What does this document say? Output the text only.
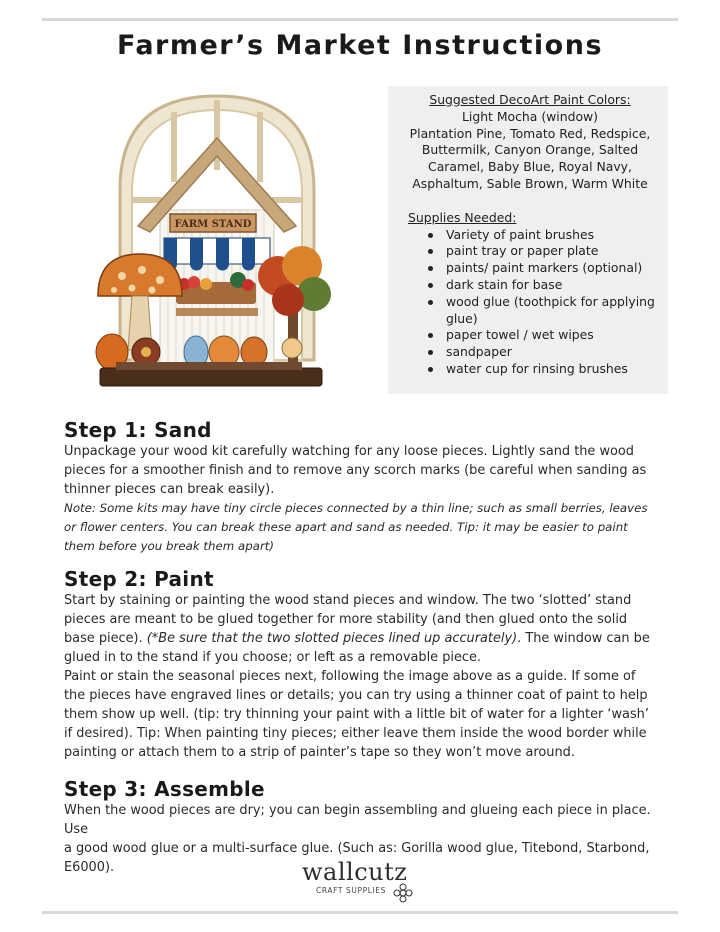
Farmer’s Market Instructions
FARM STAND
Suggested DecoArt Paint Colors:
Light Mocha (window)
Plantation Pine, Tomato Red, Redspice,
Buttermilk, Canyon Orange, Salted
Caramel, Baby Blue, Royal Navy,
Asphaltum, Sable Brown, Warm White
Supplies Needed:
Variety of paint brushes
paint tray or paper plate
paints/ paint markers (optional)
dark stain for base
wood glue (toothpick for applying glue)
paper towel / wet wipes
sandpaper
water cup for rinsing brushes
Step 1: Sand
Unpackage your wood kit carefully watching for any loose pieces. Lightly sand the wood
pieces for a smoother finish and to remove any scorch marks (be careful when sanding as
thinner pieces can break easily).
Note: Some kits may have tiny circle pieces connected by a thin line; such as small berries, leaves
or flower centers. You can break these apart and sand as needed. Tip: it may be easier to paint
them before you break them apart)
Step 2: Paint
Start by staining or painting the wood stand pieces and window. The two ‘slotted’ stand
pieces are meant to be glued together for more stability (and then glued onto the solid
base piece). (*Be sure that the two slotted pieces lined up accurately). The window can be
glued in to the stand if you choose; or left as a removable piece.
Paint or stain the seasonal pieces next, following the image above as a guide. If some of
the pieces have engraved lines or details; you can try using a thinner coat of paint to help
them show up well. (tip: try thinning your paint with a little bit of water for a lighter ‘wash’
if desired). Tip: When painting tiny pieces; either leave them inside the wood border while
painting or attach them to a strip of painter’s tape so they won’t move around.
Step 3: Assemble
When the wood pieces are dry; you can begin assembling and glueing each piece in place. Use
a good wood glue or a multi-surface glue. (Such as: Gorilla wood glue, Titebond, Starbond,
E6000).	wallcutz
CRAFT SUPPLIES
